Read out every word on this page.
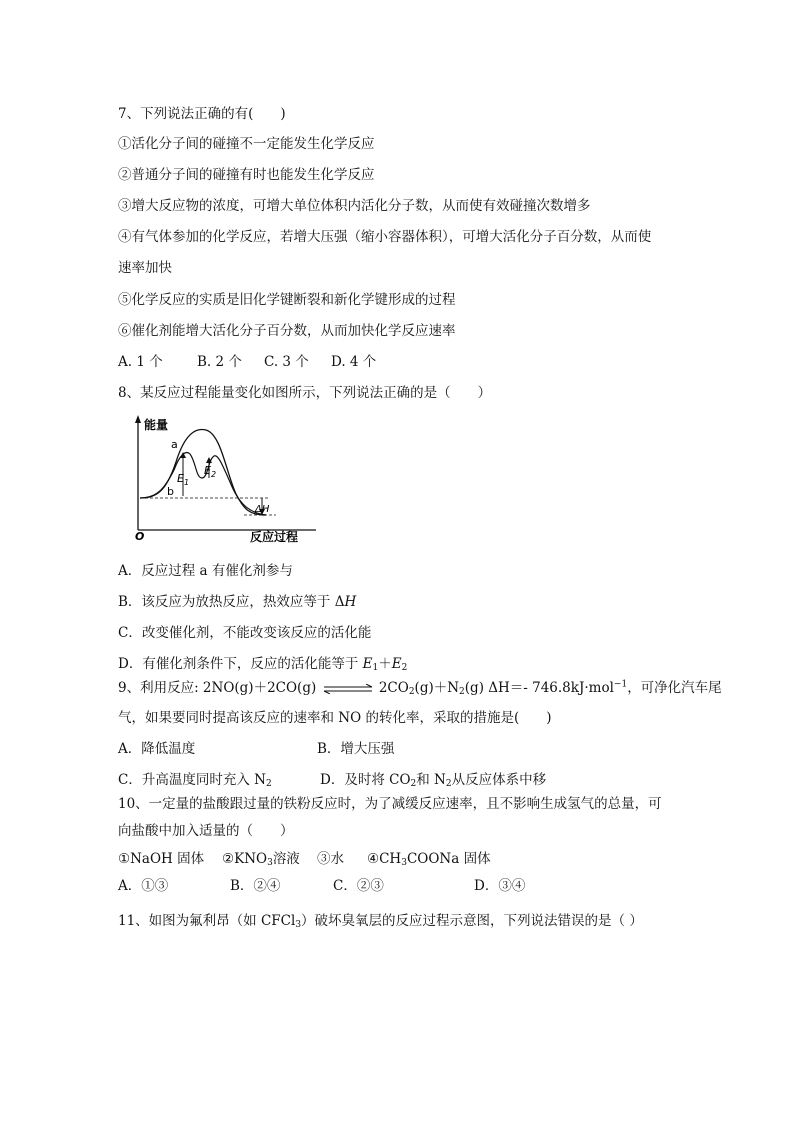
7、下列说法正确的有(　　)
①活化分子间的碰撞不一定能发生化学反应
②普通分子间的碰撞有时也能发生化学反应
③增大反应物的浓度，可增大单位体积内活化分子数，从而使有效碰撞次数增多
④有气体参加的化学反应，若增大压强（缩小容器体积），可增大活化分子百分数，从而使
速率加快
⑤化学反应的实质是旧化学键断裂和新化学键形成的过程
⑥催化剂能增大活化分子百分数，从而加快化学反应速率
A. 1 个	B. 2 个 C. 3 个 D. 4 个
8、某反应过程能量变化如图所示，下列说法正确的是（　　）
能量
O	反应过程
a
b
$E_1$
$E_2$
ΔH
A．反应过程 a 有催化剂参与
B．该反应为放热反应，热效应等于 ΔH
C．改变催化剂，不能改变该反应的活化能
D．有催化剂条件下，反应的活化能等于 $E_1+E_2$
9、利用反应: 2NO(g)＋2CO(g) ⇌ $2CO_2(g)+N_2(g)$ ΔH＝- 746.8kJ·mol$^{-1}$，可净化汽车尾
气，如果要同时提高该反应的速率和 NO 的转化率，采取的措施是(　　)
A．降低温度	B．增大压强
C．升高温度同时充入 $N_2$	D．及时将 $CO_2$和 $N_2$从反应体系中移
10、一定量的盐酸跟过量的铁粉反应时，为了减缓反应速率，且不影响生成氢气的总量，可
向盐酸中加入适量的（　　）
①NaOH 固体 $②KNO_3$溶液 ③水 $④CH_3COONa$ 固体
A．①③	B．②④	C．②③	D．③④
11、如图为氟利昂（如 CFCl$_3$）破坏臭氧层的反应过程示意图，下列说法错误的是（ ）
